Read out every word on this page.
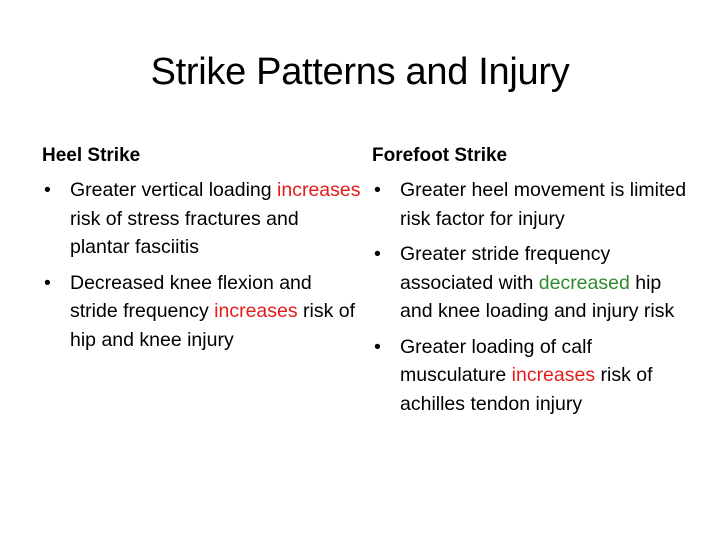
Strike Patterns and Injury
Heel Strike
• Greater vertical loading increases risk of stress fractures and plantar fasciitis
• Decreased knee flexion and stride frequency increases risk of hip and knee injury
Forefoot Strike
• Greater heel movement is limited risk factor for injury
• Greater stride frequency associated with decreased hip and knee loading and injury risk
• Greater loading of calf musculature increases risk of achilles tendon injury
